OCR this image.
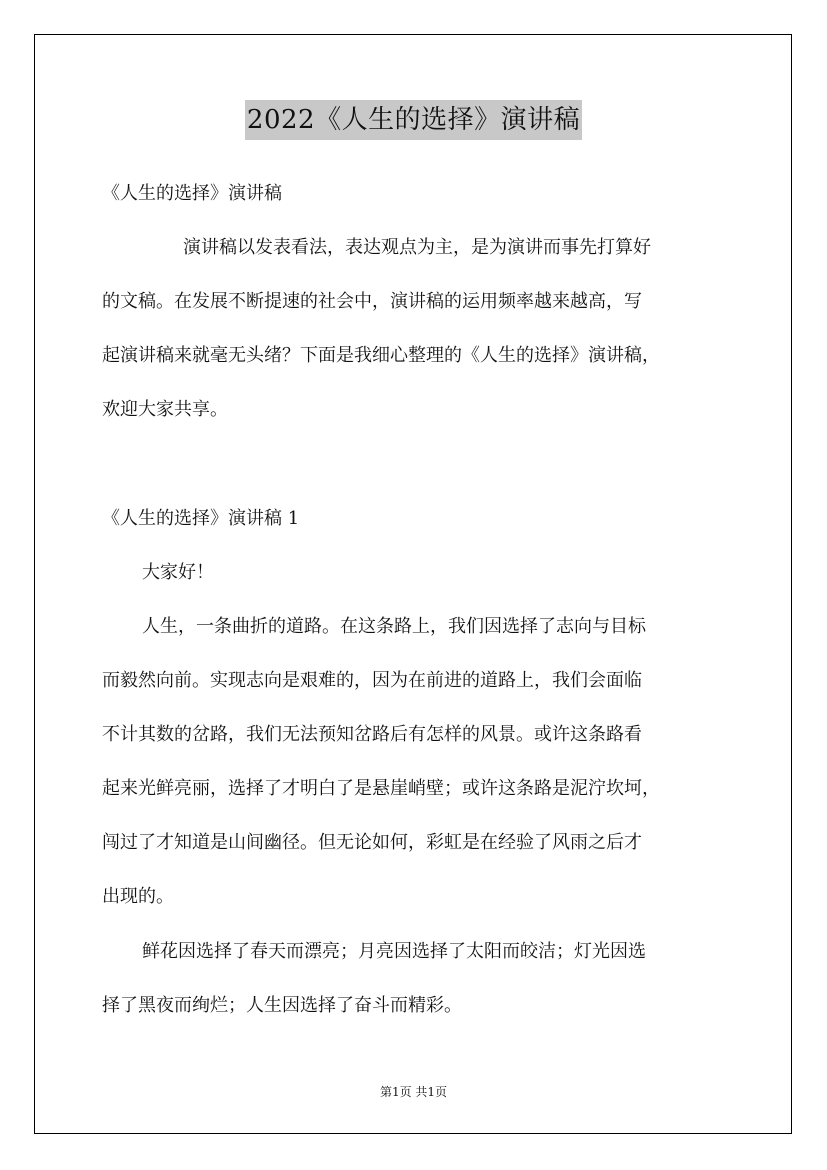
2022《人生的选择》演讲稿
《人生的选择》演讲稿
演讲稿以发表看法，表达观点为主，是为演讲而事先打算好
的文稿。在发展不断提速的社会中，演讲稿的运用频率越来越高，写
起演讲稿来就毫无头绪？下面是我细心整理的《人生的选择》演讲稿，
欢迎大家共享。
《人生的选择》演讲稿 1
大家好！
人生，一条曲折的道路。在这条路上，我们因选择了志向与目标
而毅然向前。实现志向是艰难的，因为在前进的道路上，我们会面临
不计其数的岔路，我们无法预知岔路后有怎样的风景。或许这条路看
起来光鲜亮丽，选择了才明白了是悬崖峭壁；或许这条路是泥泞坎坷，
闯过了才知道是山间幽径。但无论如何，彩虹是在经验了风雨之后才
出现的。
鲜花因选择了春天而漂亮；月亮因选择了太阳而皎洁；灯光因选
择了黑夜而绚烂；人生因选择了奋斗而精彩。
第1页 共1页
